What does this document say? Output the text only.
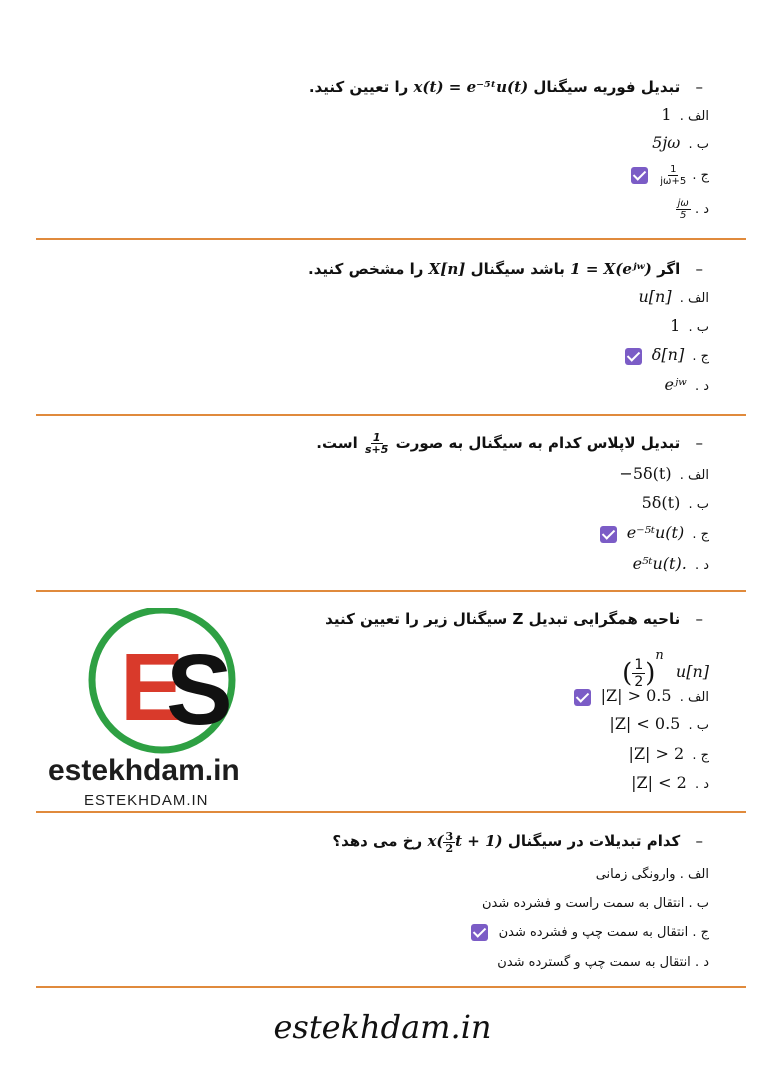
– تبدیل فوریه سیگنال x(t) = e⁻⁵ᵗu(t) را تعیین کنید.
الف . 1
ب . 5jω
ج .
$\frac{1}{5+j\omega}$

د .
$\frac{j\omega}{5}$
– اگر 1 = X(eʲʷ) باشد سیگنال X[n] را مشخص کنید.
الف . u[n]
ب . 1
ج . δ[n]
د . eʲʷ
– تبدیل لاپلاس کدام به سیگنال به صورت
$\frac{1}{s+5}$
است.
الف . −5δ(t)
ب . 5δ(t)
ج . e⁻⁵ᵗu(t)
د . e⁵ᵗu(t).
– ناحیه همگرایی تبدیل Z سیگنال زیر را تعیین کنید
( $\frac{1}{2} )^n$ u[n]
الف . |Z| > 0.5
ب . |Z| < 0.5
ج . |Z| > 2
د . |Z| < 2
E
S
estekhdam.in
ESTEKHDAM.IN
– کدام تبدیلات در سیگنال $x( \frac{3}{2}$ t + 1) رخ می دهد؟
الف . وارونگی زمانی
ب . انتقال به سمت راست و فشرده شدن
ج . انتقال به سمت چپ و فشرده شدن
د . انتقال به سمت چپ و گسترده شدن
estekhdam.in
